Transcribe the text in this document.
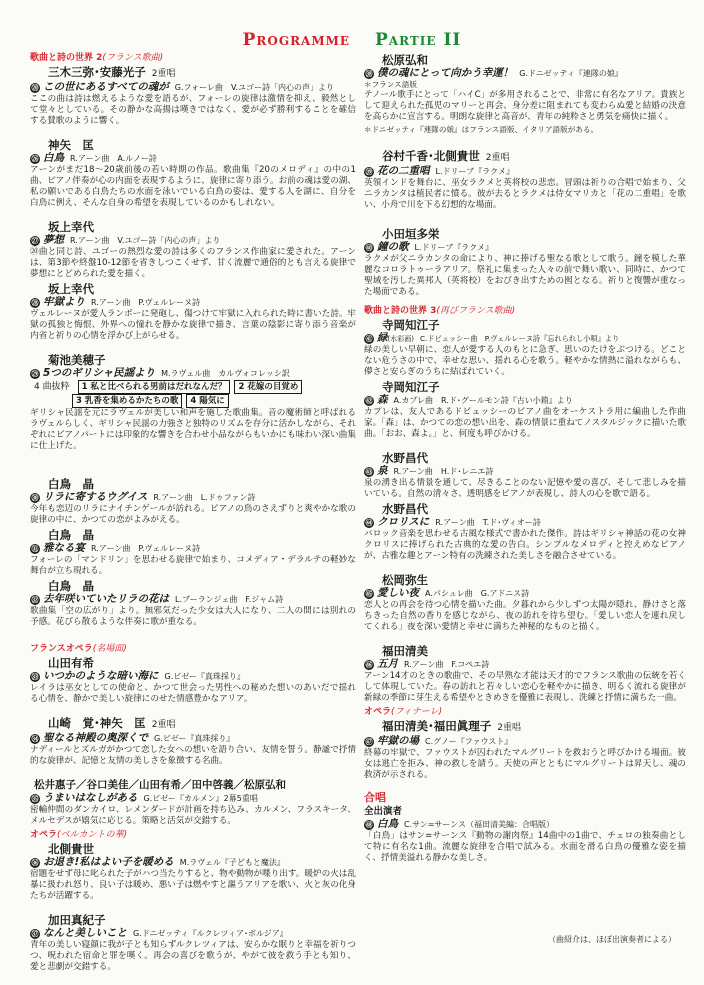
Programme Partie II
歌曲と詩の世界 2(フランス歌曲)
三木三弥･安藤光子 2重唱
⑳ この世にあるすべての魂が G.フォーレ曲　V.ユゴー詩「内心の声」より

ここの曲は詩は燃えるような愛を語るが、フォーレの旋律は激情を抑え、毅然として堂々としている。その静かな高揚は嘆きではなく、愛が必ず勝利することを確信する賛歌のように響く。

神矢　匡
㉖ 白鳥 R.アーン曲　A.ルノー詩

アーンがまだ18～20歳前後の若い時期の作品。歌曲集『20のメロディ』の中の1曲、ピアノ伴奏が心の内面を表現するように、旋律に寄り添う。お前の魂は愛の湖、私の願いである白鳥たちの水面を泳いでいる白鳥の姿は、愛する人を湖に、自分を白鳥に例え、そんな自身の希望を表現しているのかもしれない。

坂上幸代
㉗ 夢想 R.アーン曲　V.ユゴー詩「内心の声」より

⑳曲と同じ詩、ユゴーの熱烈な愛の詩は多くのフランス作曲家に愛された。アーンは、第3節や終盤10-12節を省きしつこくせず、甘く流麗で通俗的とも言える旋律で夢想にとどめられた愛を描く。

坂上幸代
㉘ 牢獄より R.アーン曲　P.ヴェルレーヌ詩

ヴェルレーヌが愛人ランボーに発砲し、傷つけて牢獄に入れられた時に書いた詩。牢獄の孤独と悔恨、外界への憧れを静かな旋律で描き、言葉の陰影に寄り添う音楽が内省と祈りの心情を浮かび上がらせる。

菊池美穂子
㉙ 5つのギリシャ民謡より M.ラヴェル曲　カルヴォコレッシ訳
4 曲抜粋 1 私と比べられる男前はだれなんだ？ 2 花嫁の目覚め
3 乳香を集めるかたちの歌 4 陽気に

ギリシャ民謡を元にラヴェルが美しい和声を施した歌曲集。音の魔術師と呼ばれるラヴェルらしく、ギリシャ民謡の力強さと独特のリズムを存分に活かしながら、それぞれにピアノパートには印象的な響きを合わせ小品ながらもいかにも味わい深い曲集に仕上げた。

白鳥　晶
㉚ リラに寄するウグイス R.アーン曲　L.ドゥファン詩

今年も恋辺のリラにナイチンゲールが訪れる。ピアノの鳥のさえずりと爽やかな歌の旋律の中に、かつての恋がよみがえる。

白鳥　晶
㉛ 雅なる宴 R.アーン曲　P.ヴェルレーヌ詩

フォーレの「マンドリン」を思わせる旋律で始まり、コメディア・デラルテの軽妙な舞台が立ち現れる。

白鳥　晶
㉜ 去年咲いていたリラの花は L.ブーランジェ曲　F.ジャム詩

歌曲集「空の広がり」より。無邪気だった少女は大人になり、二人の間には別れの予感。花びら散るような伴奏に歌が重なる。

フランスオペラ(名場面)
山田有希
㉝ いつかのような暗い海に G.ビゼー『真珠採り』

レイラは巫女としての使命と、かつて世会った男性への秘めた想いのあいだで揺れる心情を、静かで美しい旋律にのせた情感豊かなアリア。

山崎　覚･神矢　匡 2重唱
㉞ 聖なる神殿の奥深くで G.ビゼー『真珠採り』

ナディールとズルガがかつて恋した女への想いを語り合い、友情を誓う。静謐で抒情的な旋律が、記憶と友情の美しさを象徴する名曲。

松井惠子／谷口美佳／山田有希／田中啓義／松原弘和
㉟ うまいはなしがある G.ビゼー『カルメン』2幕5重唱

密輸仲間のダンカイロ、レメンダードが計画を持ち込み、カルメン、フラスキータ、メルセデスが嬉気に応じる。策略と活気が交錯する。

オペラ(ベルカントの華)
北側貴世
㊱ お退き!私はよい子を暖める M.ラヴェル『子どもと魔法』

宿題をせず母に叱られた子がハつ当たりすると、物や動物が喋り出す。暖炉の火は乱暴に扱われ怒り、良い子は暖め、悪い子は燃やすと謳うアリアを歌い、火と灰の化身たちが活躍する。

加田真紀子
㊲ なんと美しいこと G.ドニゼッティ『ルクレツィア･ボルジア』

青年の美しい寝顔に我が子とも知らずルクレツィアは、安らかな眠りと幸福を祈りつつ、呪われた宿命と罪を嘆く。再会の喜びを歌うが、やがて彼を救う手とも知り、愛と悲劇が交錯する。

松原弘和
㊳ 僕の魂にとって向かう幸運！ G.ドニゼッティ『連隊の娘』

＊フランス語版

テノール歌手にとって「ハイC」が多用されることで、非常に有名なアリア。貴族として迎えられた孤児のマリーと再会、身分差に阻まれても変わらぬ愛と結婚の決意を高らかに宣言する。明朗な旋律と高音が、青年の純粋さと勇気を痛快に描く。

＊ドニゼッティ『連隊の娘』はフランス語版、イタリア語版がある。

谷村千香･北側貴世 2重唱
㊴ 花の二重唱 L.ドリーブ『ラクメ』

英領インドを舞台に、巫女ラクメと英将校の悲恋。冒頭は祈りの合唱で始まり、父ニラカンタは植民者に憤る。彼が去るとラクメは侍女マリカと「花の二重唱」を歌い、小舟で川を下る幻想的な場面。

小田垣多栄
㊵ 鐘の歌 L.ドリーブ『ラクメ』

ラクメが父ニラカンタの命により、神に捧げる聖なる歌として歌う。鐘を模した華麗なコロラトゥーラアリア。祭礼に集まった人々の前で舞い歌い、同時に、かつて聖域を汚した異邦人（英将校）をおびき出すための囮となる。祈りと復讐が重なった場面である。

歌曲と詩の世界 3(再びフランス歌曲)
寺岡知江子
㊶ 緑(水彩画) C.ドビュッシー曲　P.ヴェルレーヌ詩『忘れられし小唄』より

緑の美しい早朝に、恋人が愛する人のもとに急ぎ、思いのたけをぶつける。どことない危うさの中で、幸せな思い、揺れる心を歌う。軽やかな情熱に溢れながらも、儚さと安らぎのうちに結ばれていく。

寺岡知江子
㊷ 森 A.カプレ曲　R.ド･グールモン詩『古い小箱』より

カプレは、友人であるドビュッシーのピアノ曲をオーケストラ用に編曲した作曲家。「森」は、かつての恋の想い出を、森の情景に重ねてノスタルジックに描いた歌曲。「おお、森よ。」と、何度も呼びかける。

水野昌代
㊸ 泉 R.アーン曲　H.ド･レニエ詩

泉の湧き出る情景を通して、尽きることのない記憶や愛の喜び、そして悲しみを描いている。自然の清々さ、透明感をピアノが表現し、詩人の心を歌で語る。

水野昌代
㊹ クロリスに R.アーン曲　T.ド･ヴィオー詩

バロック音楽を思わせる古風な様式で書かれた傑作。詩はギリシャ神話の花の女神クロリスに捧げられた古典的な愛の告白。シンプルなメロディと控えめなピアノが、古雅な趣とアーン特有の洗練された美しさを融合させている。

松岡弥生
㊺ 愛しい夜 A.パシュレ曲　G.アドニス詩

恋人との再会を待つ心情を描いた曲。夕暮れから少しずつ太陽が隠れ、静けさと落ちきった自然の香りを感じながら、夜の訪れを待ち望む。「愛しい恋人を連れ戻してくれる」夜を深い愛情と幸せに満ちた神秘的なものと描く。

福田清美
㊻ 五月 R.アーン曲　F.コペエ詩

アーン14才のときの歌曲で、その早熟な才能は天才的でフランス歌曲の伝統を若くして体現していた。春の訪れと若々しい恋心を軽やかに描き、明るく流れる旋律が新緑の季節に芽生える希望やときめきを優雅に表現し、洗練と抒情に満ちた一曲。

オペラ(フィナーレ)
福田清美･福田眞理子 2重唱
㊼ 牢獄の場 C.グノー『ファウスト』

終幕の牢獄で、ファウストが囚われたマルグリートを救おうと呼びかける場面。彼女は逃亡を拒み、神の救しを請う。天使の声とともにマルグリートは昇天し、魂の救済が示される。

合唱
全出演者
㊽ 白鳥 C.サン=サーンス（福田清美編：合唱版）

「白鳥」はサン=サーンス『動物の謝肉祭』14曲中の1曲で、チェロの独奏曲として特に有名な1曲。流麗な旋律を合唱で試みる。水面を滑る白鳥の優雅な姿を描く、抒情美溢れる静かな美しさ。

（曲紹介は、ほぼ出演奏者による）
